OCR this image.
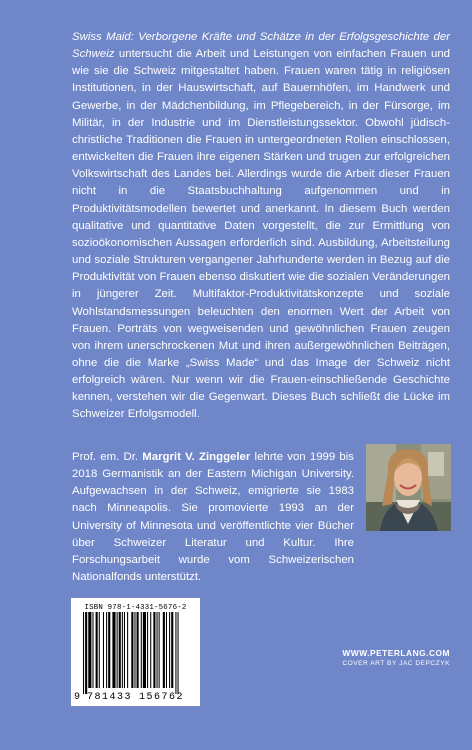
Swiss Maid: Verborgene Kräfte und Schätze in der Erfolgsgeschichte der Schweiz untersucht die Arbeit und Leistungen von einfachen Frauen und wie sie die Schweiz mitgestaltet haben. Frauen waren tätig in religiösen Institutionen, in der Hauswirtschaft, auf Bauernhöfen, im Handwerk und Gewerbe, in der Mädchenbildung, im Pflegebereich, in der Fürsorge, im Militär, in der Industrie und im Dienstleistungssektor. Obwohl jüdisch-christliche Traditionen die Frauen in untergeordneten Rollen einschlossen, entwickelten die Frauen ihre eigenen Stärken und trugen zur erfolgreichen Volkswirtschaft des Landes bei. Allerdings wurde die Arbeit dieser Frauen nicht in die Staatsbuchhaltung aufgenommen und in Produktivitätsmodellen bewertet und anerkannt. In diesem Buch werden qualitative und quantitative Daten vorgestellt, die zur Ermittlung von sozioökonomischen Aussagen erforderlich sind. Ausbildung, Arbeitsteilung und soziale Strukturen vergangener Jahrhunderte werden in Bezug auf die Produktivität von Frauen ebenso diskutiert wie die sozialen Veränderungen in jüngerer Zeit. Multifaktor-Produktivitätskonzepte und soziale Wohlstandsmessungen beleuchten den enormen Wert der Arbeit von Frauen. Porträts von wegweisenden und gewöhnlichen Frauen zeugen von ihrem unerschrockenen Mut und ihren außergewöhnlichen Beiträgen, ohne die die Marke „Swiss Made“ und das Image der Schweiz nicht erfolgreich wären. Nur wenn wir die Frauen-einschließende Geschichte kennen, verstehen wir die Gegenwart. Dieses Buch schließt die Lücke im Schweizer Erfolgsmodell.
Prof. em. Dr. Margrit V. Zinggeler lehrte von 1999 bis 2018 Germanistik an der Eastern Michigan University. Aufgewachsen in der Schweiz, emigrierte sie 1983 nach Minneapolis. Sie promovierte 1993 an der University of Minnesota und veröffentlichte vier Bücher über Schweizer Literatur und Kultur. Ihre Forschungsarbeit wurde vom Schweizerischen Nationalfonds unterstützt.
ISBN 978-1-4331-5676-2
9 781433 156762
WWW.PETERLANG.COM
COVER ART BY JAC DEPCZYK
